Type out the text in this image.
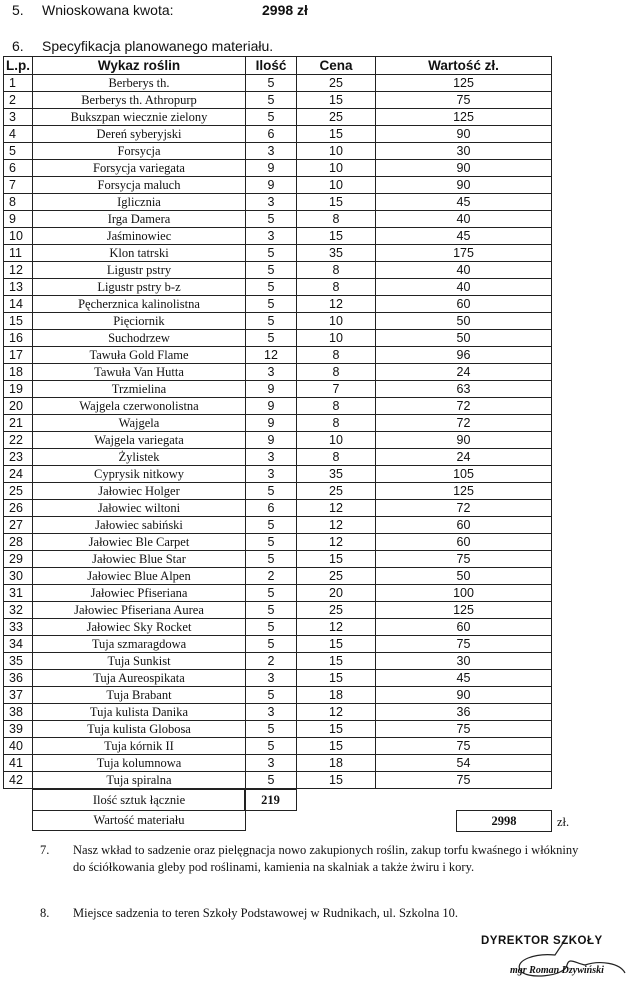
5. Wnioskowana kwota:	2998 zł
6. Specyfikacja planowanego materiału.
L.p.	Wykaz roślin	Ilość	Cena	Wartość zł.
1	Berberys th.	5	25	125
2	Berberys th. Athropurp	5	15	75
3	Bukszpan wiecznie zielony	5	25	125
4	Dereń syberyjski	6	15	90
5	Forsycja	3	10	30
6	Forsycja variegata	9	10	90
7	Forsycja maluch	9	10	90
8	Iglicznia	3	15	45
9	Irga Damera	5	8	40
10	Jaśminowiec	3	15	45
11	Klon tatrski	5	35	175
12	Ligustr pstry	5	8	40
13	Ligustr pstry b-z	5	8	40
14	Pęcherznica kalinolistna	5	12	60
15	Pięciornik	5	10	50
16	Suchodrzew	5	10	50
17	Tawuła Gold Flame	12	8	96
18	Tawuła Van Hutta	3	8	24
19	Trzmielina	9	7	63
20	Wajgela czerwonolistna	9	8	72
21	Wajgela	9	8	72
22	Wajgela variegata	9	10	90
23	Żylistek	3	8	24
24	Cyprysik nitkowy	3	35	105
25	Jałowiec Holger	5	25	125
26	Jałowiec wiltoni	6	12	72
27	Jałowiec sabiński	5	12	60
28	Jałowiec Ble Carpet	5	12	60
29	Jałowiec Blue Star	5	15	75
30	Jałowiec Blue Alpen	2	25	50
31	Jałowiec Pfiseriana	5	20	100
32	Jałowiec Pfiseriana Aurea	5	25	125
33	Jałowiec Sky Rocket	5	12	60
34	Tuja szmaragdowa	5	15	75
35	Tuja Sunkist	2	15	30
36	Tuja Aureospikata	3	15	45
37	Tuja Brabant	5	18	90
38	Tuja kulista Danika	3	12	36
39	Tuja kulista Globosa	5	15	75
40	Tuja kórnik II	5	15	75
41	Tuja kolumnowa	3	18	54
42	Tuja spiralna	5	15	75
Ilość sztuk łącznie	219
Wartość materiału	2998	zł.
7. Nasz wkład to sadzenie oraz pielęgnacja nowo zakupionych roślin, zakup torfu kwaśnego i włókniny do ściółkowania gleby pod roślinami, kamienia na skalniak a także żwiru i kory.
8. Miejsce sadzenia to teren Szkoły Podstawowej w Rudnikach, ul. Szkolna 10.
DYREKTOR SZKOŁY
mgr Roman Dzywiński
